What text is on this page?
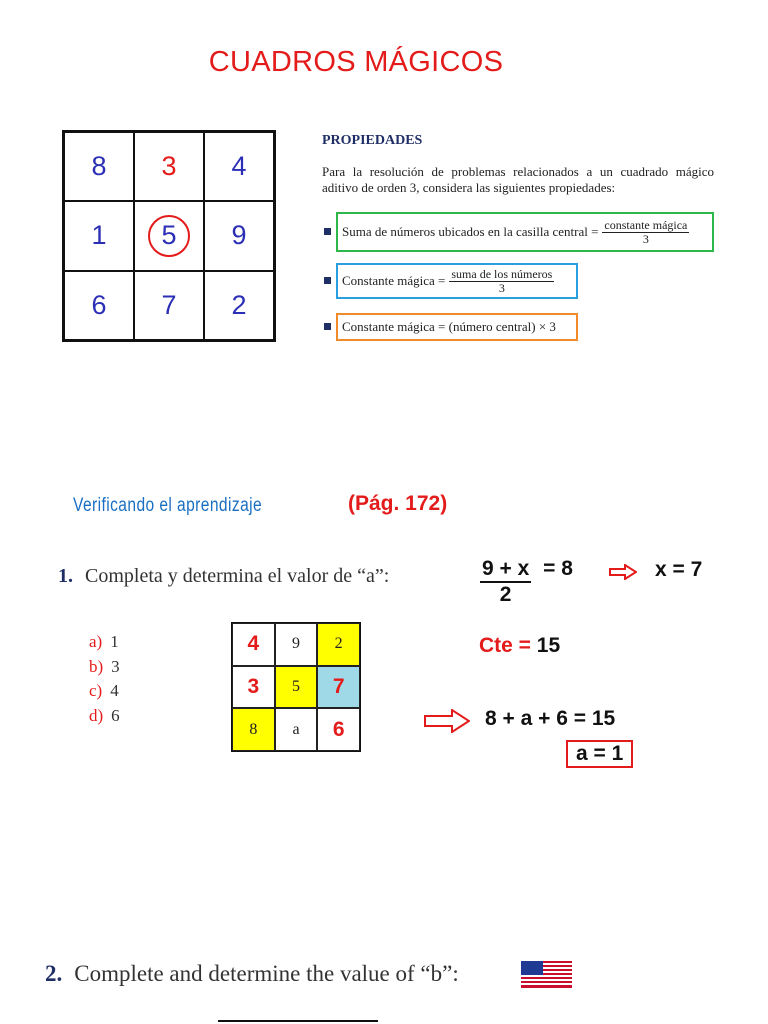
CUADROS MÁGICOS
8	3	4
1	5	9
6	7	2
PROPIEDADES
Para la resolución de problemas relacionados a un cuadrado mágico aditivo de orden 3, considera las siguientes propiedades:
Suma de números ubicados en la casilla central = $\frac{\text{constante mágica}}{3}$
Constante mágica = $\frac{\text{suma de los números}}{3}$
Constante mágica = (número central) × 3
Verificando el aprendizaje	(Pág. 172)
1. Completa y determina el valor de “a”:
a) 1
b) 3
c) 4
d) 6
4	9	2
3	5	7
8	a	6
$\frac{9 + x}{2} = 8$	x = 7
Cte = 15
8 + a + 6 = 15
a = 1
2. Complete and determine the value of “b”:
